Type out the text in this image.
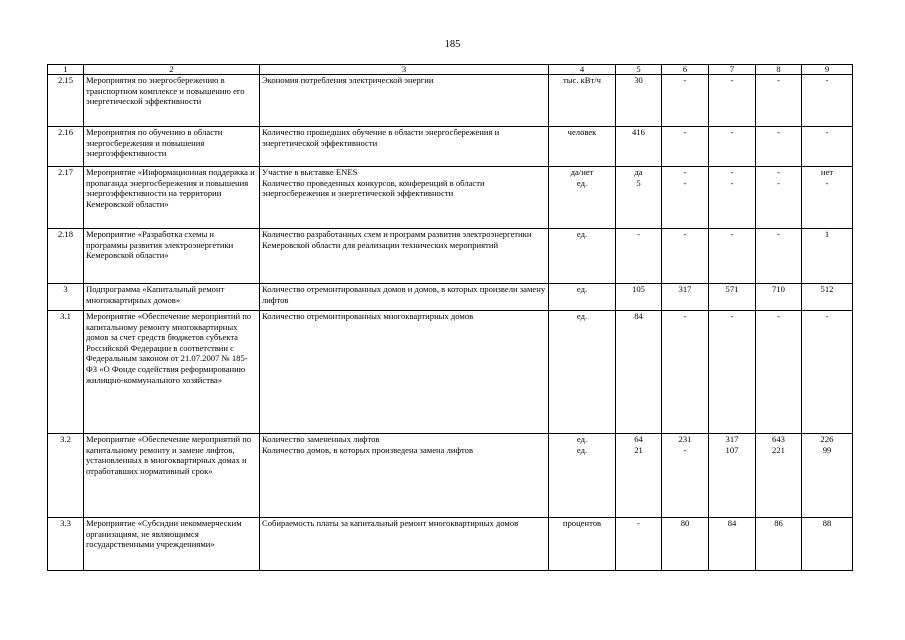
185
1	2	3	4	5	6	7	8	9
2.15	Мероприятия по энергосбережению в транспортном комплексе и повышению его энергетической эффективности	Экономия потребления электрической энергии	тыс. кВт/ч	30	-	-	-	-
2.16	Мероприятия по обучению в области энергосбережения и повышения энергоэффективности	Количество прошедших обучение в области энергосбережения и энергетической эффективности	человек	416	-	-	-	-
2.17	Мероприятие «Информационная поддержка и пропаганда энергосбережения и повышения энергоэффективности на территории Кемеровской области»	Участие в выставке ENES	да/нет	да	-	-	-	нет
		Количество проведенных конкурсов, конференций в области энергосбережения и энергетической эффективности	ед.	5	-	-	-	-
2.18	Мероприятие «Разработка схемы и программы развития электроэнергетики Кемеровской области»	Количество разработанных схем и программ развития электроэнергетики Кемеровской области для реализации технических мероприятий	ед.	-	-	-	-	1
3	Подпрограмма «Капитальный ремонт многоквартирных домов»	Количество отремонтированных домов и домов, в которых произвели замену лифтов	ед.	105	317	571	710	512
3.1	Мероприятие «Обеспечение мероприятий по капитальному ремонту многоквартирных домов за счет средств бюджетов субъекта Российской Федерации в соответствии с Федеральным законом от 21.07.2007 № 185-ФЗ «О Фонде содействия реформированию жилищно-коммунального хозяйства»	Количество отремонтированных многоквартирных домов	ед.	84	-	-	-	-
3.2	Мероприятие «Обеспечение мероприятий по капитальному ремонту и замене лифтов, установленных в многоквартирных домах и отработавших нормативный срок»	Количество замененных лифтов	ед.	64	231	317	643	226
		Количество домов, в которых произведена замена лифтов	ед.	21	-	107	221	99
3.3	Мероприятие «Субсидии некоммерческим организациям, не являющимся государственными учреждениями»	Собираемость платы за капитальный ремонт многоквартирных домов	процентов	-	80	84	86	88
